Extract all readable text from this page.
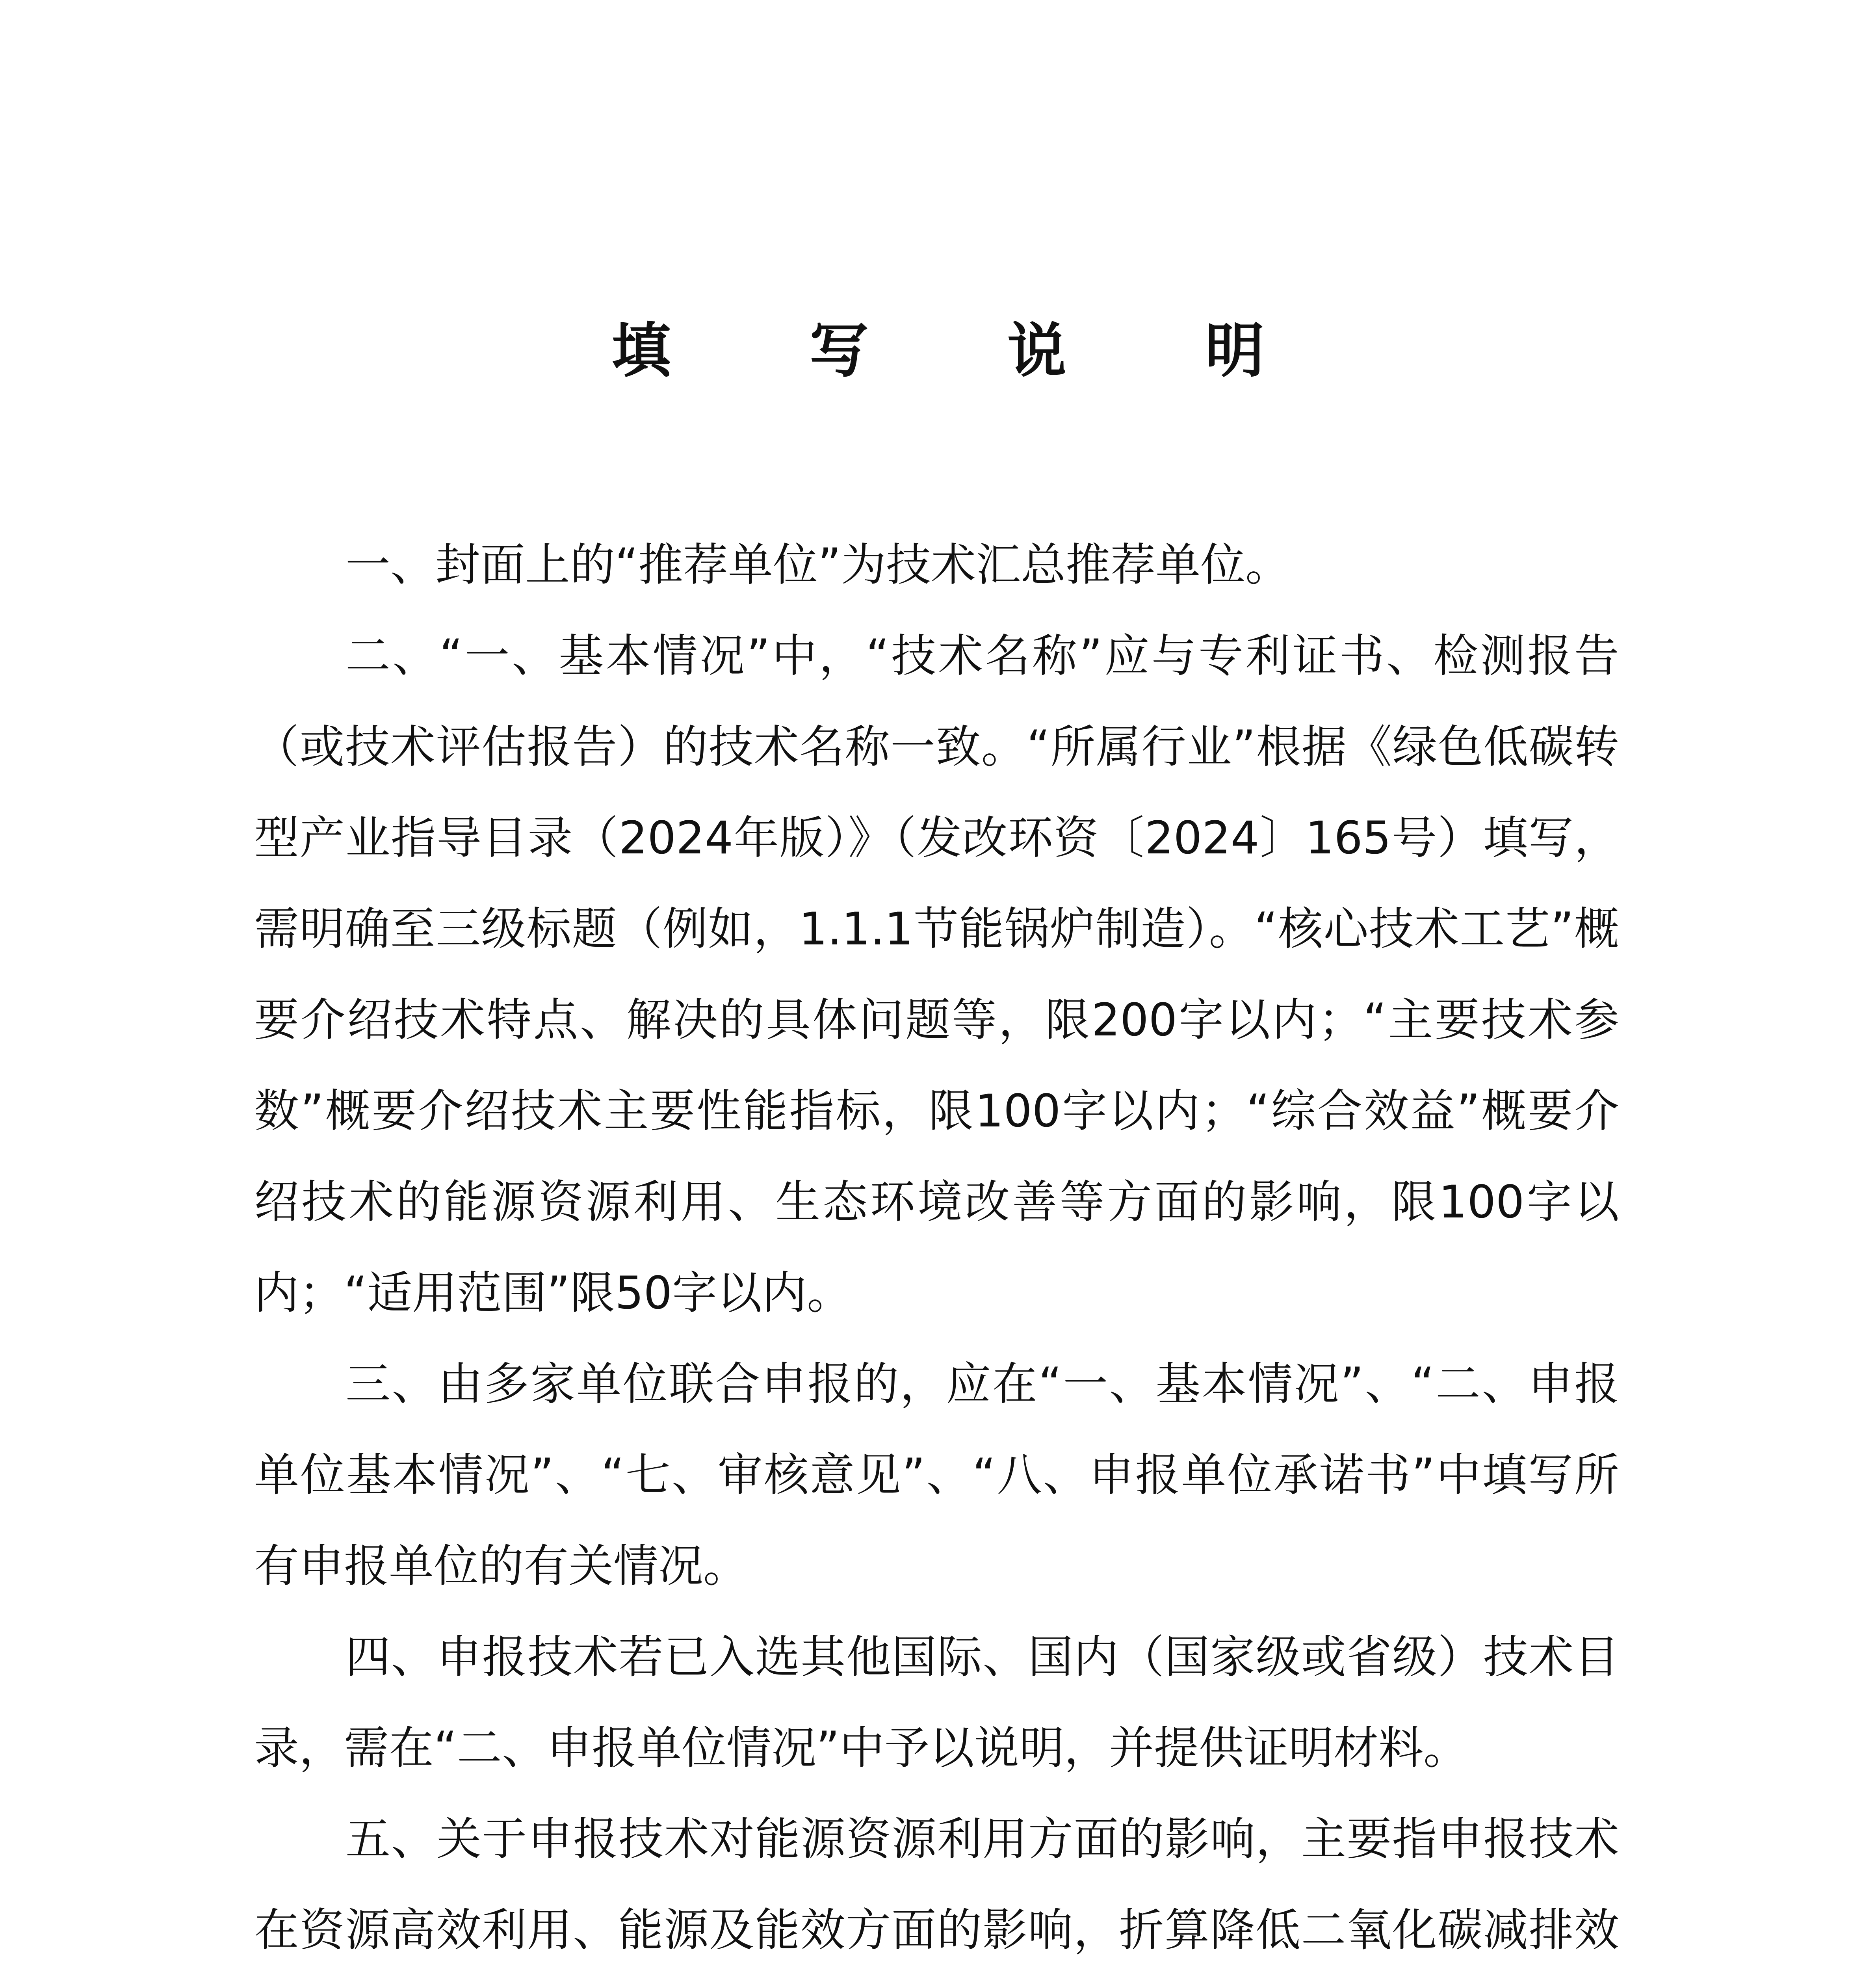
填 写 说 明

一、封面上的“推荐单位”为技术汇总推荐单位。

二、“一、基本情况”中，“技术名称”应与专利证书、检测报告（或技术评估报告）的技术名称一致。“所属行业”根据《绿色低碳转型产业指导目录（2024年版）》（发改环资〔2024〕165号）填写，需明确至三级标题（例如，1.1.1节能锅炉制造）。“核心技术工艺”概要介绍技术特点、解决的具体问题等，限200字以内；“主要技术参数”概要介绍技术主要性能指标，限100字以内；“综合效益”概要介绍技术的能源资源利用、生态环境改善等方面的影响，限100字以内；“适用范围”限50字以内。

三、由多家单位联合申报的，应在“一、基本情况”、“二、申报单位基本情况”、“七、审核意见”、“八、申报单位承诺书”中填写所有申报单位的有关情况。

四、申报技术若已入选其他国际、国内（国家级或省级）技术目录，需在“二、申报单位情况”中予以说明，并提供证明材料。

五、关于申报技术对能源资源利用方面的影响，主要指申报技术在资源高效利用、能源及能效方面的影响，折算降低二氧化碳减排效
